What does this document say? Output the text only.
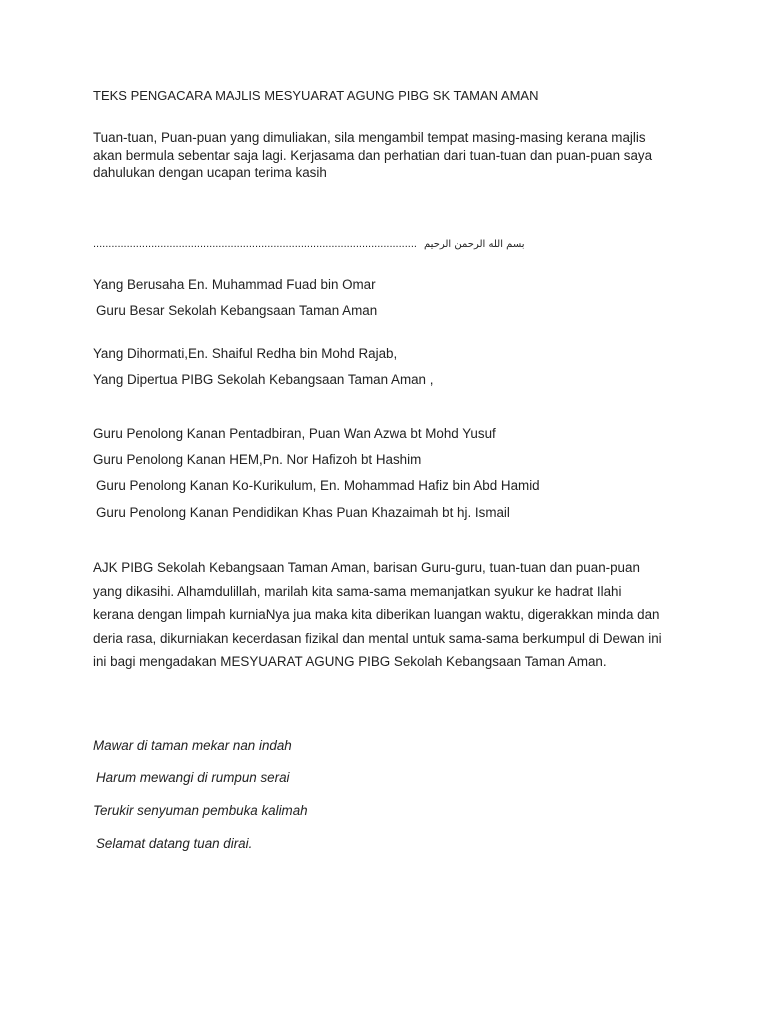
TEKS PENGACARA MAJLIS MESYUARAT AGUNG PIBG SK TAMAN AMAN
Tuan-tuan, Puan-puan yang dimuliakan, sila mengambil tempat masing-masing kerana majlis akan bermula sebentar saja lagi. Kerjasama dan perhatian dari tuan-tuan dan puan-puan saya dahulukan dengan ucapan terima kasih
.......................................................................................................... بسم الله الرحمن الرحيم
Yang Berusaha En. Muhammad Fuad bin Omar
Guru Besar Sekolah Kebangsaan Taman Aman
Yang Dihormati,En. Shaiful Redha bin Mohd Rajab,
Yang Dipertua PIBG Sekolah Kebangsaan Taman Aman ,
Guru Penolong Kanan Pentadbiran, Puan Wan Azwa bt Mohd Yusuf
Guru Penolong Kanan HEM,Pn. Nor Hafizoh bt Hashim
Guru Penolong Kanan Ko-Kurikulum, En. Mohammad Hafiz bin Abd Hamid
Guru Penolong Kanan Pendidikan Khas Puan Khazaimah bt hj. Ismail
AJK PIBG Sekolah Kebangsaan Taman Aman, barisan Guru-guru, tuan-tuan dan puan-puan yang dikasihi. Alhamdulillah, marilah kita sama-sama memanjatkan syukur ke hadrat Ilahi kerana dengan limpah kurniaNya jua maka kita diberikan luangan waktu, digerakkan minda dan deria rasa, dikurniakan kecerdasan fizikal dan mental untuk sama-sama berkumpul di Dewan ini ini bagi mengadakan MESYUARAT AGUNG PIBG Sekolah Kebangsaan Taman Aman.
Mawar di taman mekar nan indah
Harum mewangi di rumpun serai
Terukir senyuman pembuka kalimah
Selamat datang tuan dirai.
